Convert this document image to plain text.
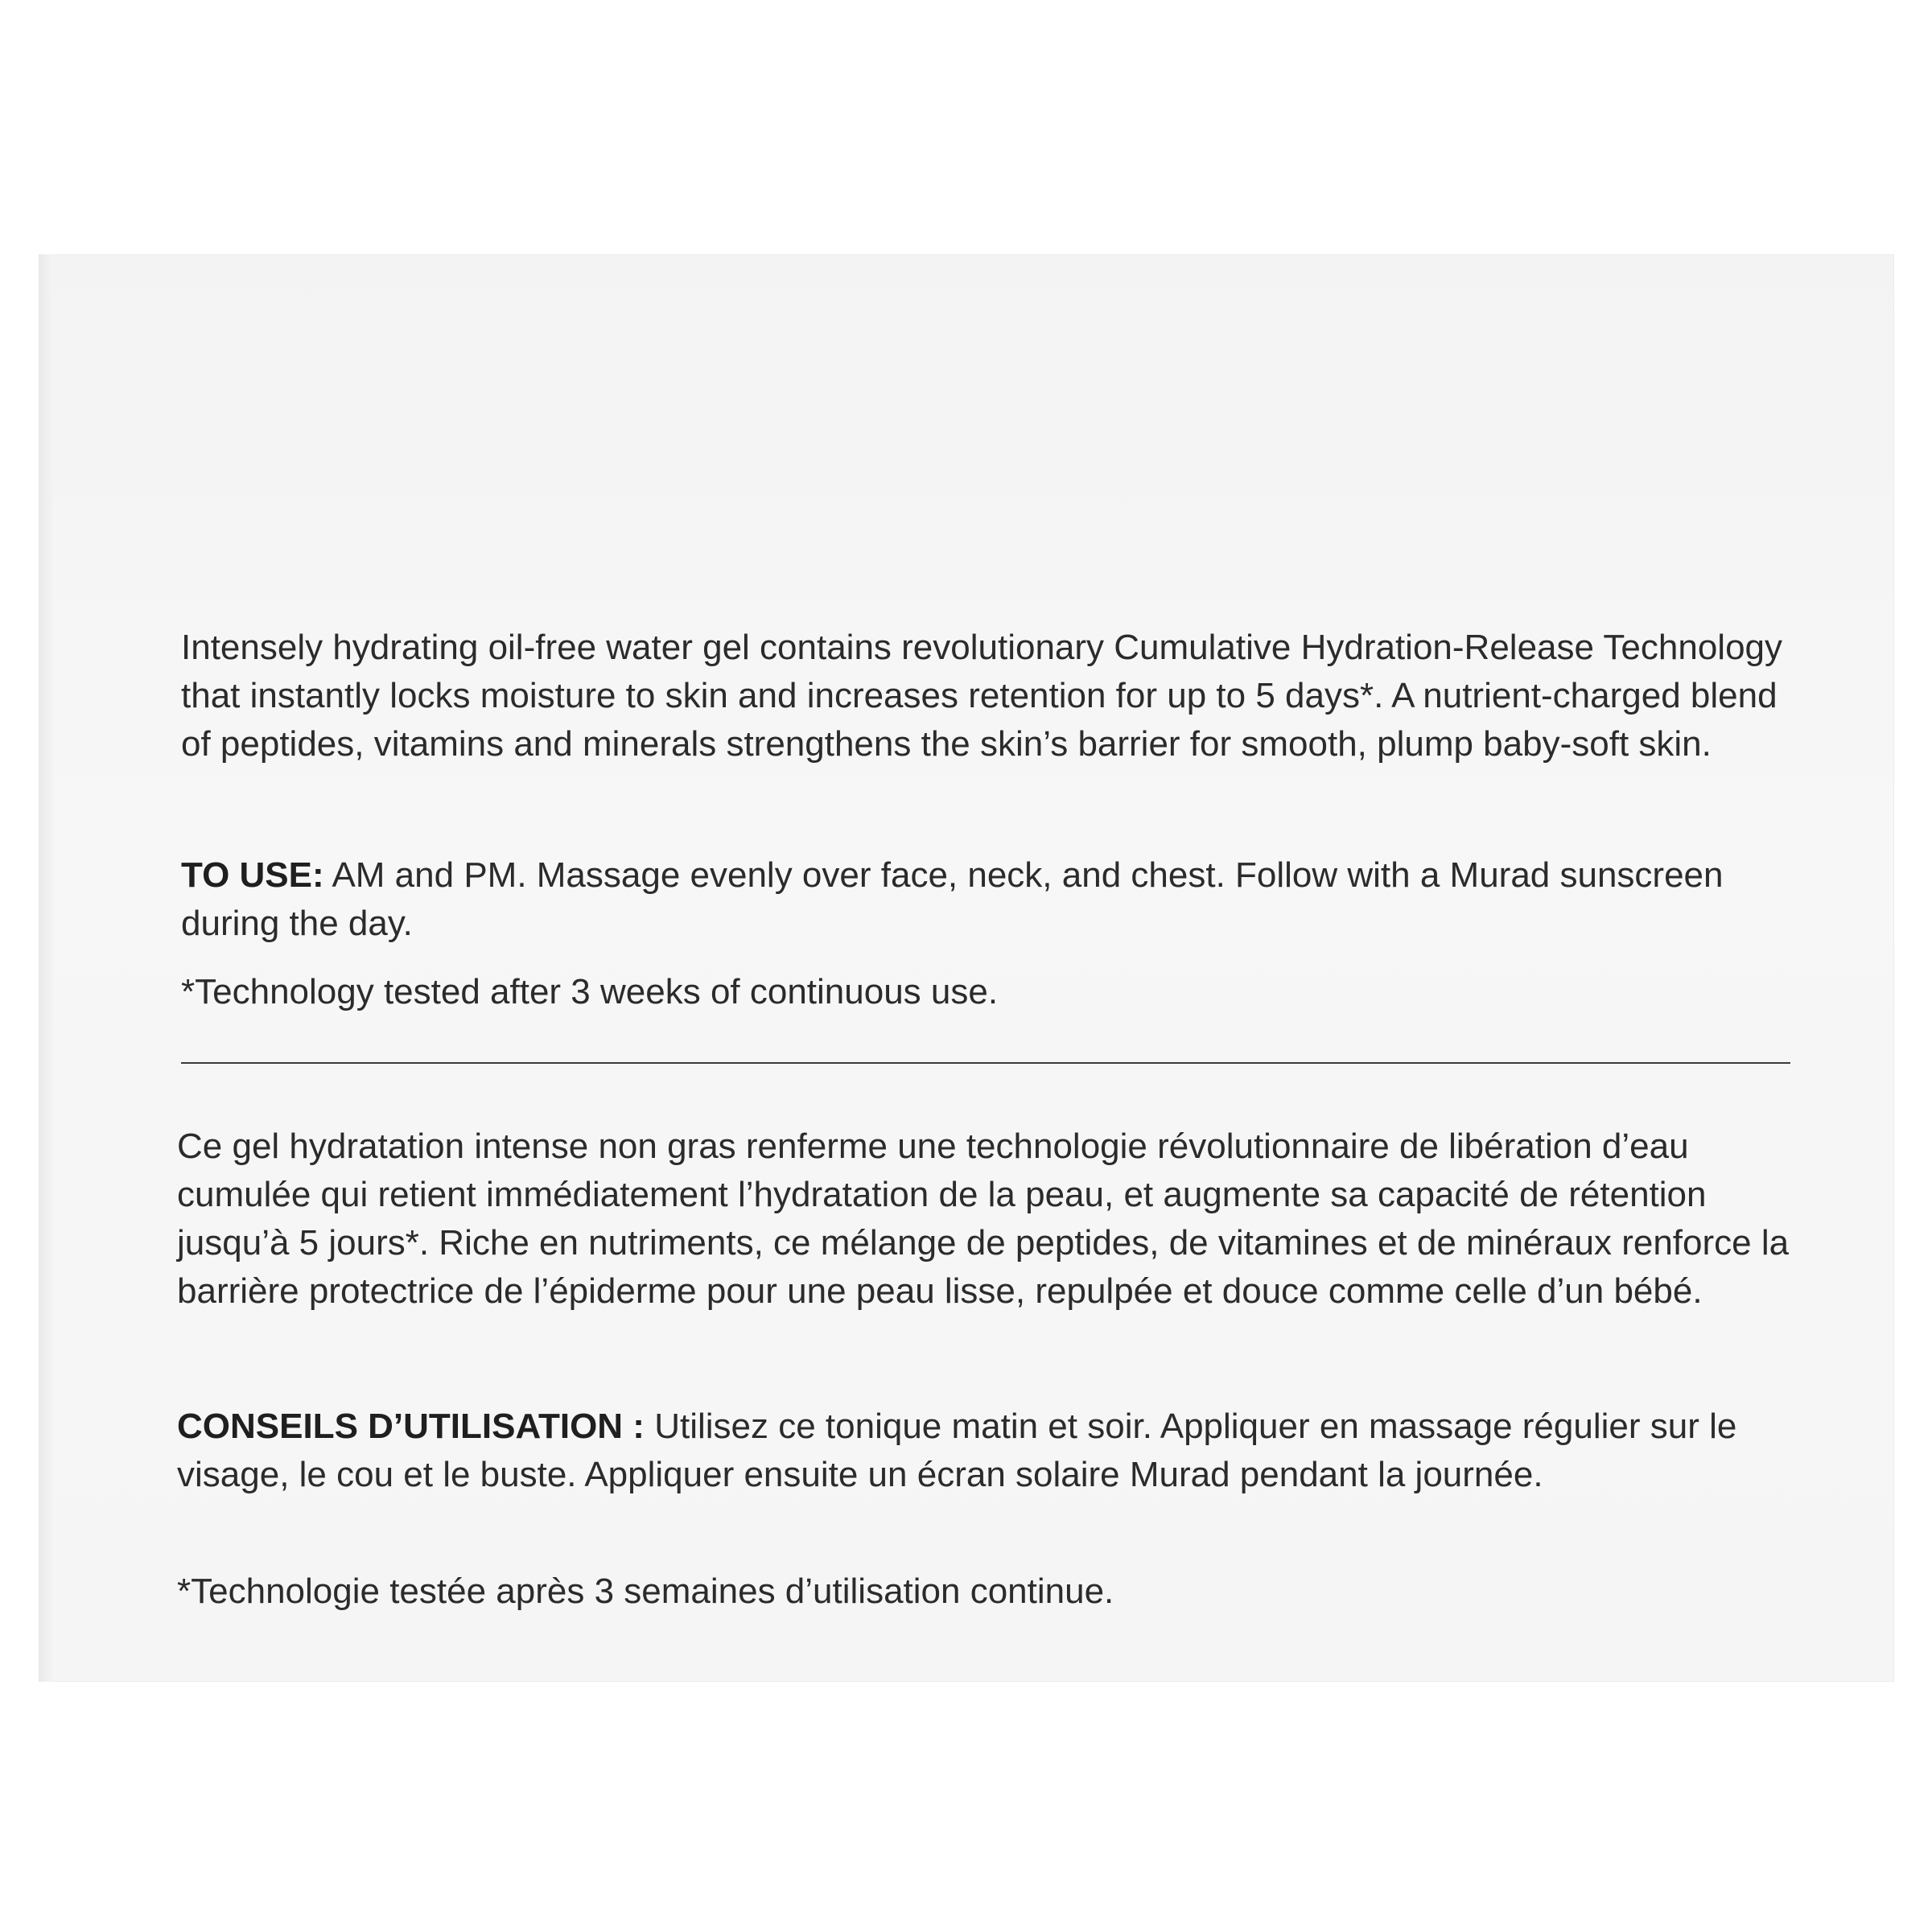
Intensely hydrating oil-free water gel contains revolutionary Cumulative Hydration-Release Technology that instantly locks moisture to skin and increases retention for up to 5 days*. A nutrient-charged blend of peptides, vitamins and minerals strengthens the skin’s barrier for smooth, plump baby-soft skin.

TO USE: AM and PM. Massage evenly over face, neck, and chest. Follow with a Murad sunscreen during the day.

*Technology tested after 3 weeks of continuous use.

Ce gel hydratation intense non gras renferme une technologie révolutionnaire de libération d’eau cumulée qui retient immédiatement l’hydratation de la peau, et augmente sa capacité de rétention jusqu’à 5 jours*. Riche en nutriments, ce mélange de peptides, de vitamines et de minéraux renforce la barrière protectrice de l’épiderme pour une peau lisse, repulpée et douce comme celle d’un bébé.

CONSEILS D’UTILISATION : Utilisez ce tonique matin et soir. Appliquer en massage régulier sur le visage, le cou et le buste. Appliquer ensuite un écran solaire Murad pendant la journée.

*Technologie testée après 3 semaines d’utilisation continue.
